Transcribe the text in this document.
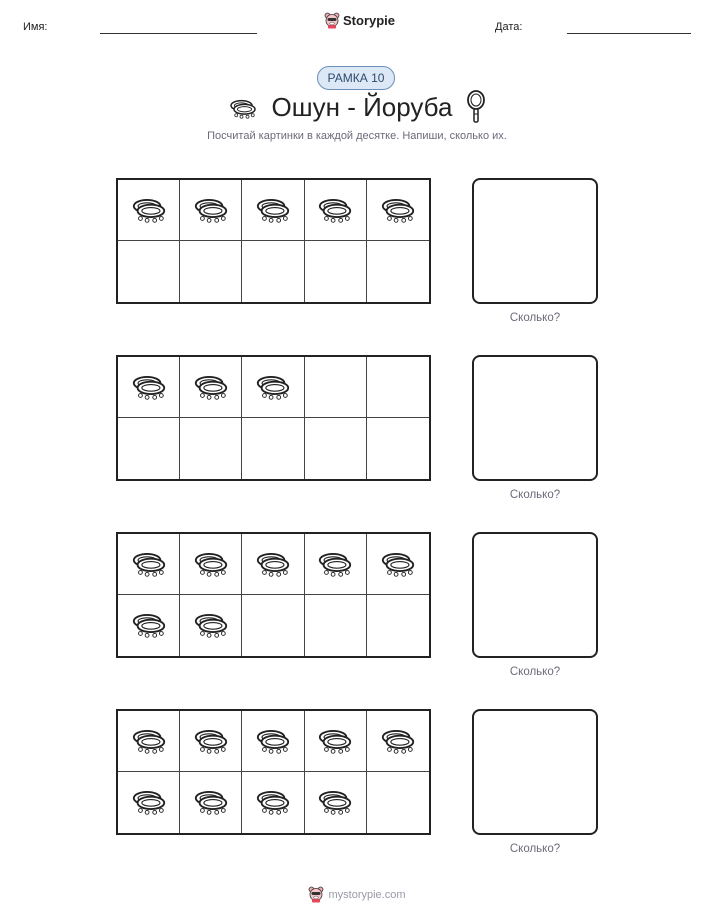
Имя:	Storypie	Дата:
РАМКА 10
Ошун - Йоруба
Посчитай картинки в каждой десятке. Напиши, сколько их.
Сколько?
Сколько?
Сколько?
Сколько?
mystorypie.com
